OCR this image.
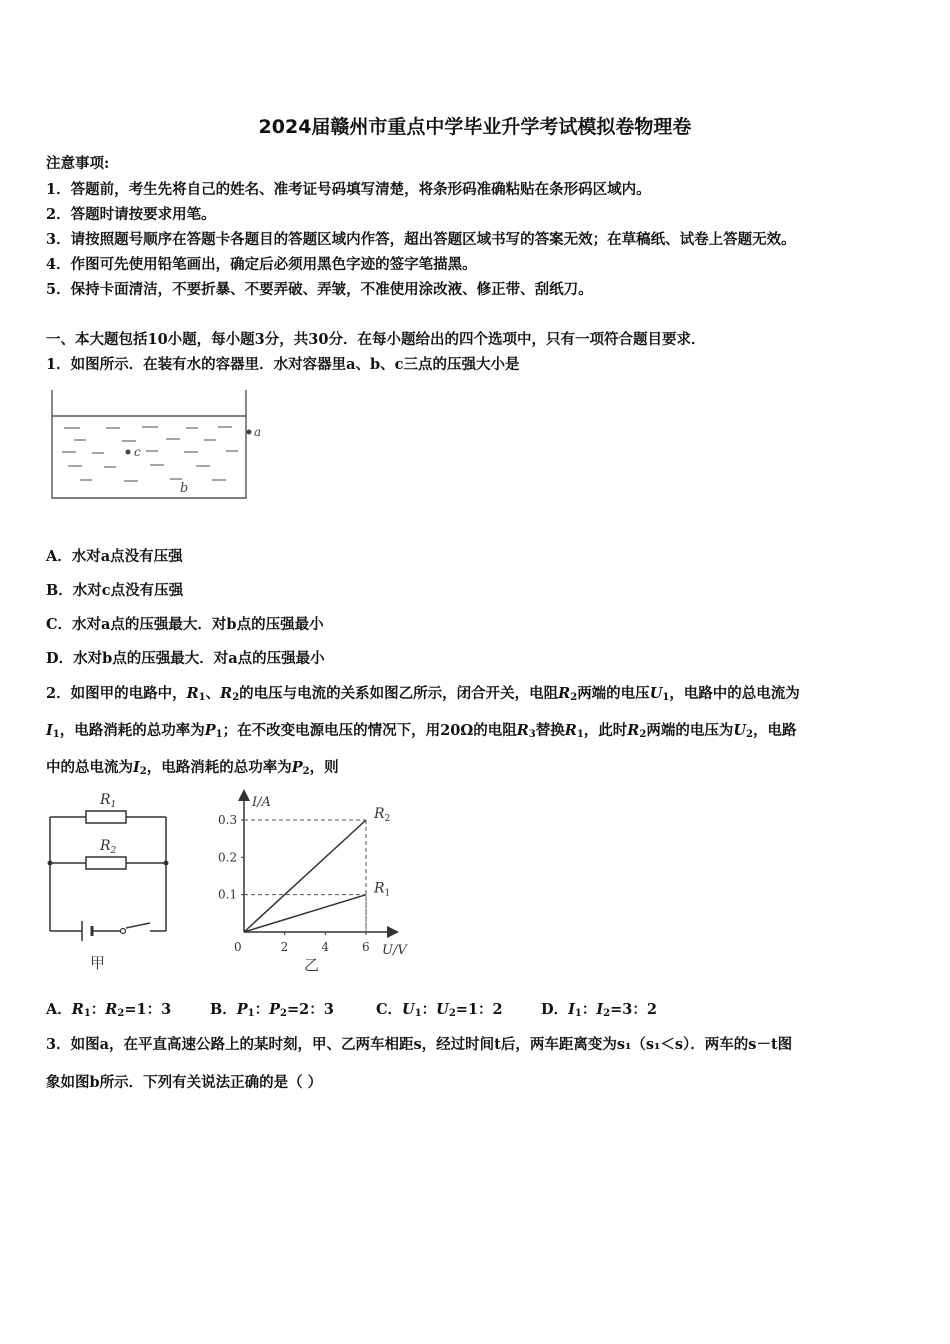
2024届赣州市重点中学毕业升学考试模拟卷物理卷
注意事项:
1．答题前，考生先将自己的姓名、准考证号码填写清楚，将条形码准确粘贴在条形码区域内。
2．答题时请按要求用笔。
3．请按照题号顺序在答题卡各题目的答题区域内作答，超出答题区域书写的答案无效；在草稿纸、试卷上答题无效。
4．作图可先使用铅笔画出，确定后必须用黑色字迹的签字笔描黑。
5．保持卡面清洁，不要折暴、不要弄破、弄皱，不准使用涂改液、修正带、刮纸刀。
一、本大题包括10小题，每小题3分，共30分．在每小题给出的四个选项中，只有一项符合题目要求．
1．如图所示．在装有水的容器里．水对容器里a、b、c三点的压强大小是
a
c
b
A．水对a点没有压强
B．水对c点没有压强
C．水对a点的压强最大．对b点的压强最小
D．水对b点的压强最大．对a点的压强最小
2．如图甲的电路中，$R_1$、$R_2$的电压与电流的关系如图乙所示，闭合开关，电阻$R_2$两端的电压$U_1$，电路中的总电流为
$I_1$，电路消耗的总功率为$P_1$；在不改变电源电压的情况下，用20Ω的电阻$R_3$替换$R_1$，此时$R_2$两端的电压为$U_2$，电路
中的总电流为$I_2$，电路消耗的总功率为$P_2$，则
$R_1$
$R_2$
甲
I/A
U/V
0
0.1
0.2
0.3
2	4	6
$R_2$
$R_1$
乙
A．$R_1$：$R_2=1$：3	B．$P_1$：$P_2=2$：3	C．$U_1$：$U_2=1$：2	D．$I_1$：$I_2=3$：2
3．如图a，在平直高速公路上的某时刻，甲、乙两车相距s，经过时间t后，两车距离变为s₁（s₁＜s）．两车的s－t图
象如图b所示．下列有关说法正确的是（ ）
